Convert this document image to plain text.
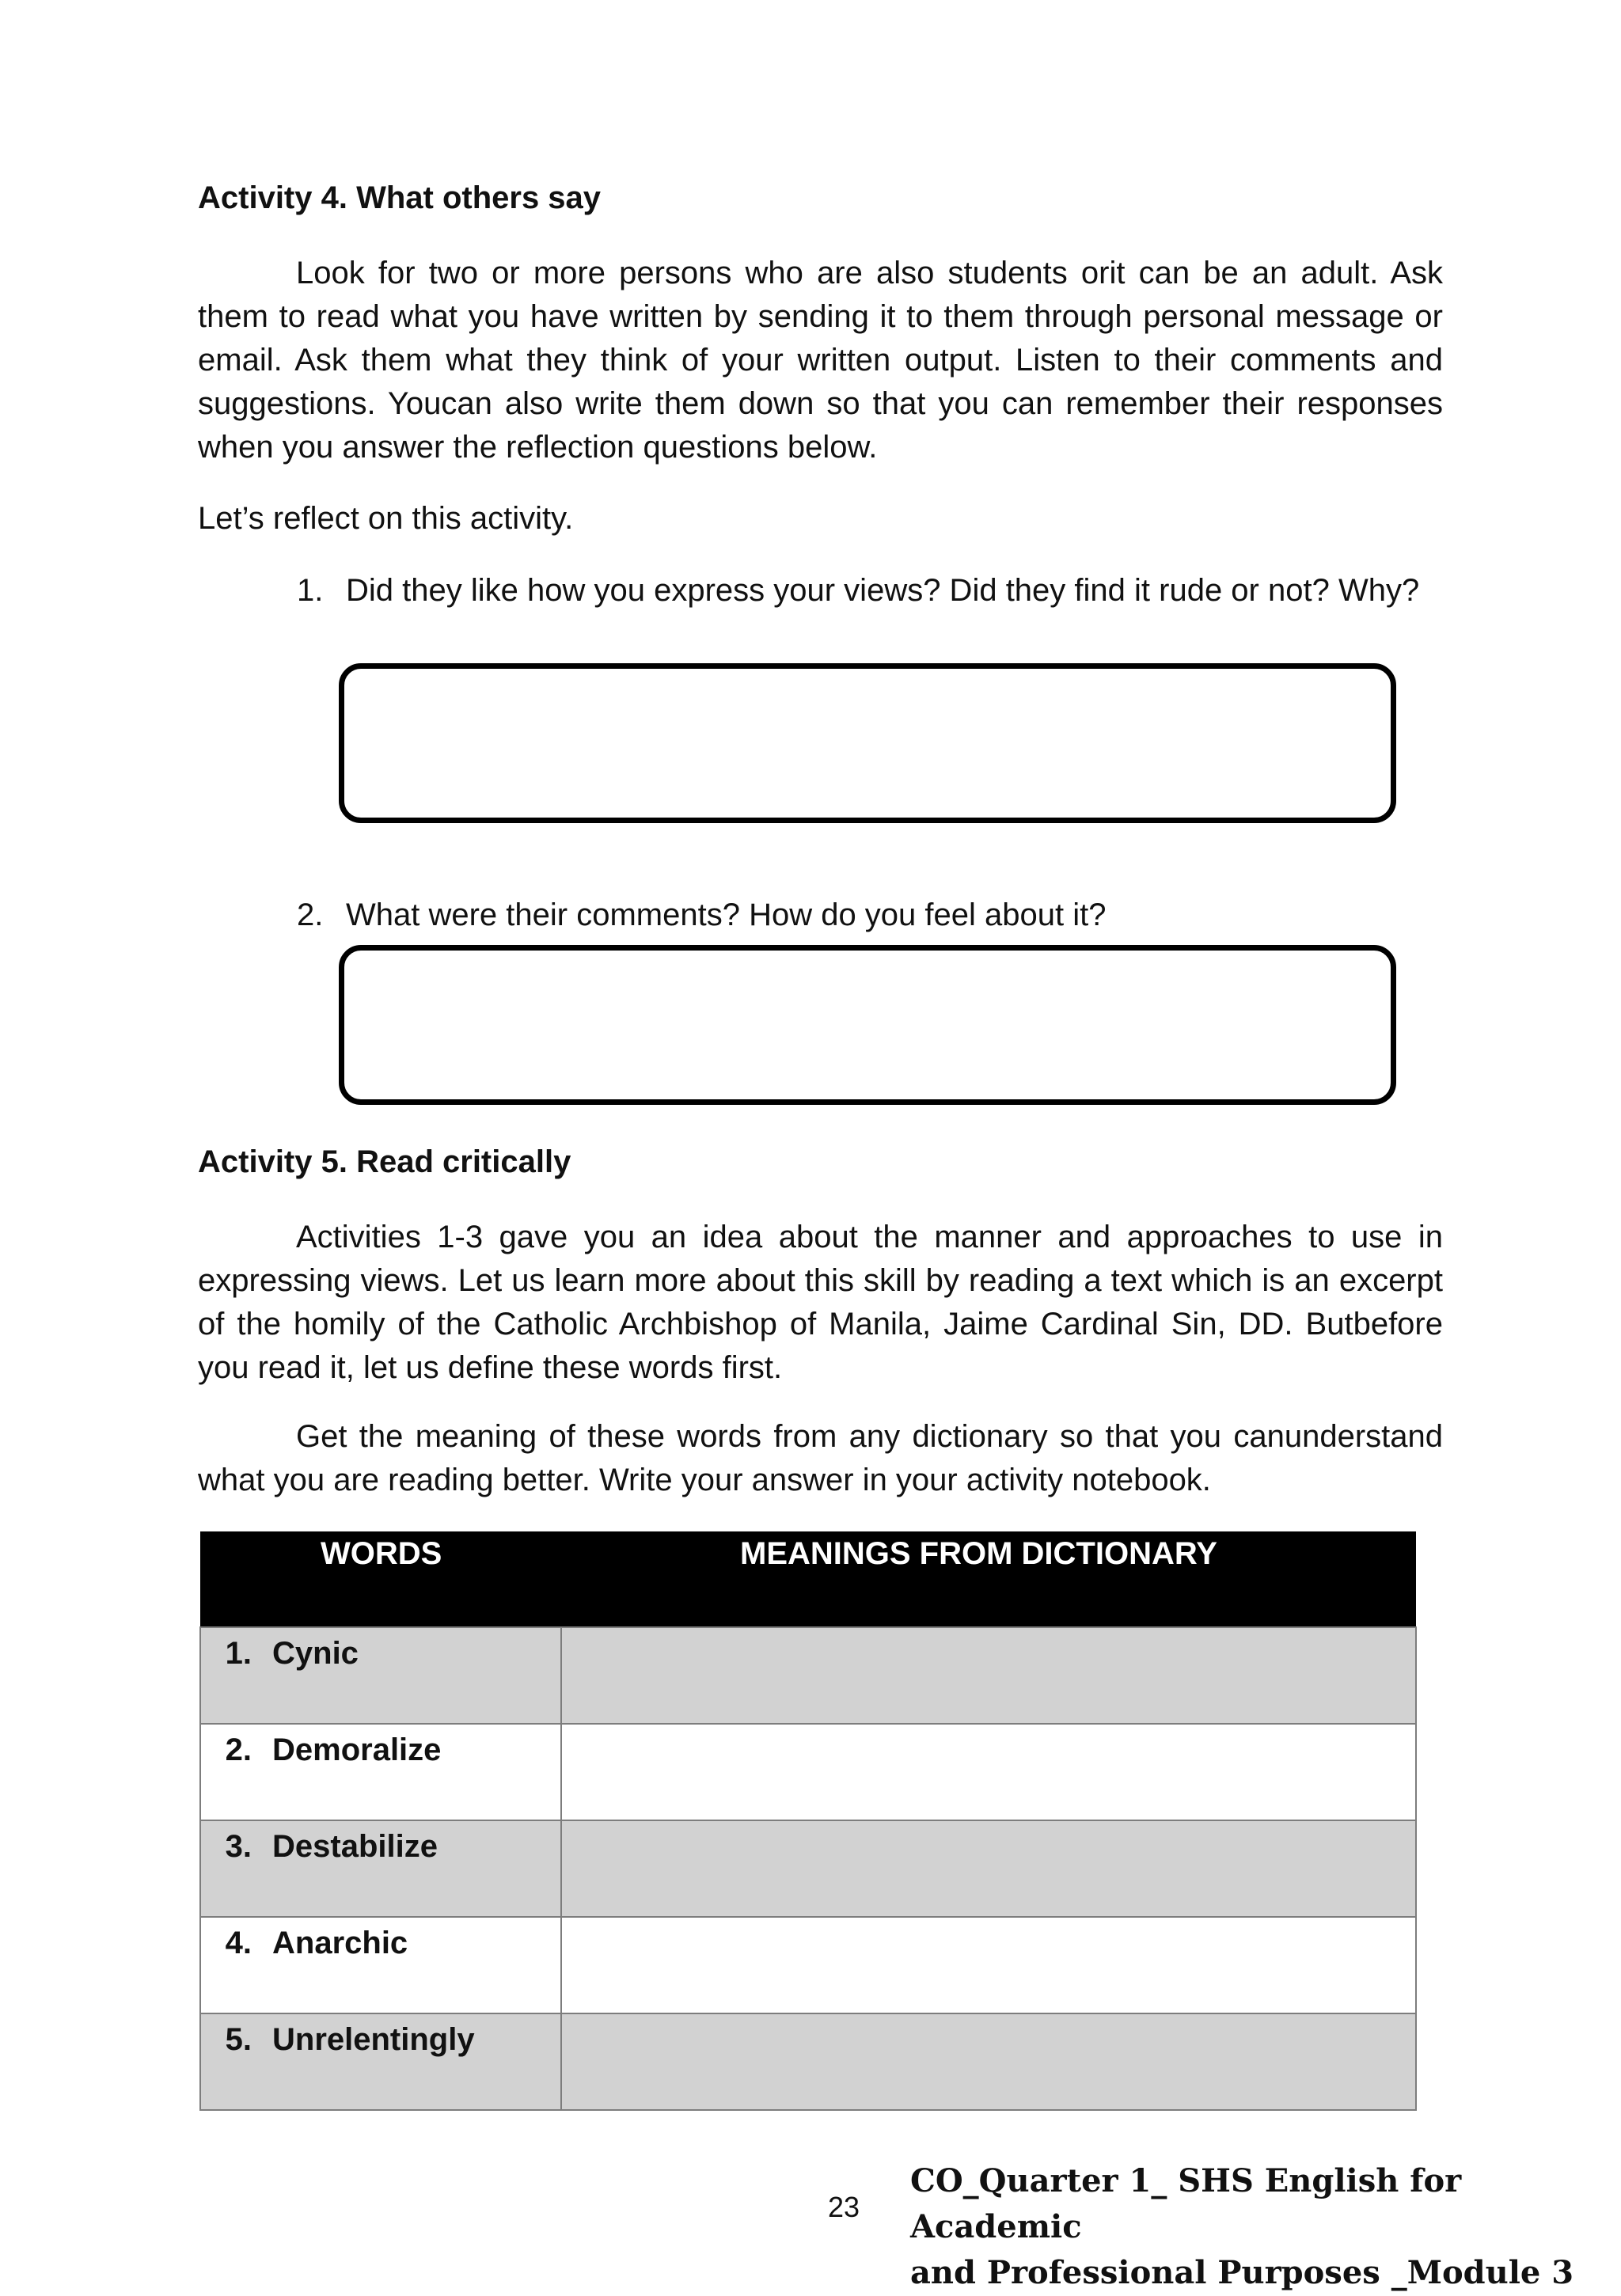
Activity 4. What others say

Look for two or more persons who are also students orit can be an adult. Ask them to read what you have written by sending it to them through personal message or email. Ask them what they think of your written output. Listen to their comments and suggestions. Youcan also write them down so that you can remember their responses when you answer the reflection questions below.

Let’s reflect on this activity.

1. Did they like how you express your views? Did they find it rude or not? Why?
2. What were their comments? How do you feel about it?
Activity 5. Read critically

Activities 1-3 gave you an idea about the manner and approaches to use in expressing views. Let us learn more about this skill by reading a text which is an excerpt of the homily of the Catholic Archbishop of Manila, Jaime Cardinal Sin, DD. Butbefore you read it, let us define these words first.

Get the meaning of these words from any dictionary so that you canunderstand what you are reading better. Write your answer in your activity notebook.

WORDS	MEANINGS FROM DICTIONARY
1. Cynic	
2. Demoralize	
3. Destabilize	
4. Anarchic	
5. Unrelentingly	
23

CO_Quarter 1_ SHS English for Academic

and Professional Purposes _Module 3
